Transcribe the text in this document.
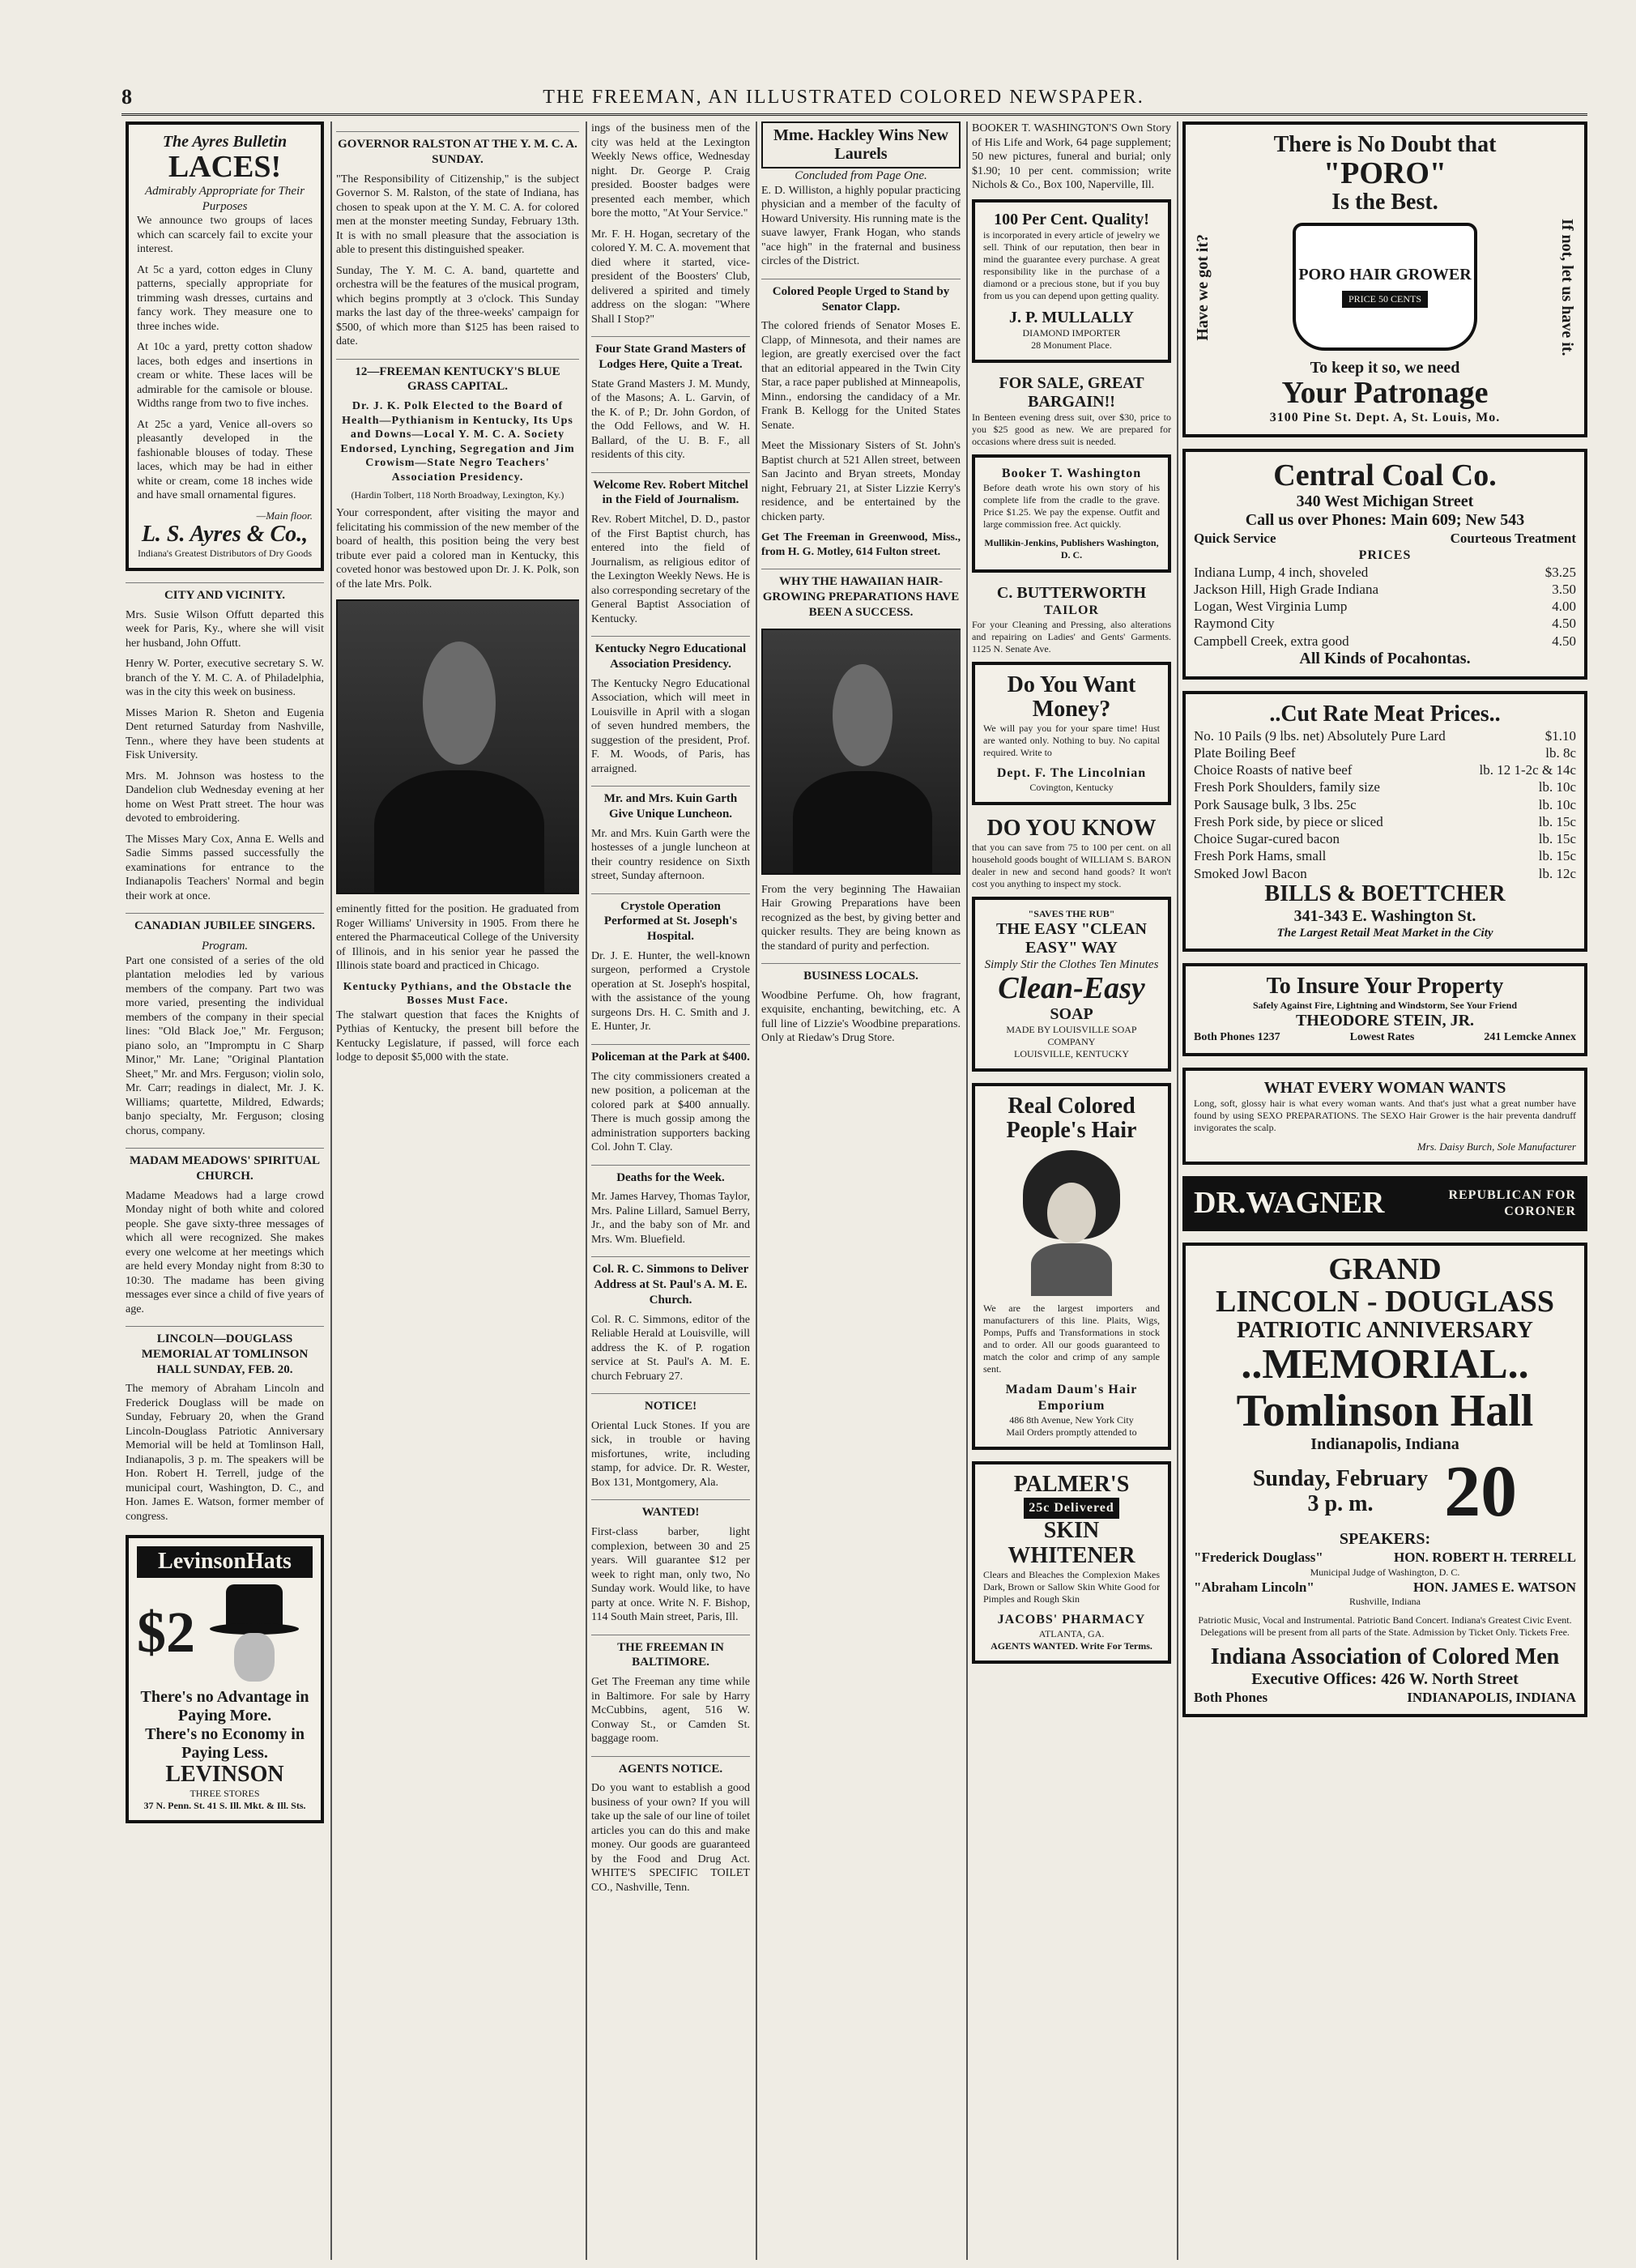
8	THE FREEMAN, AN ILLUSTRATED COLORED NEWSPAPER.
The Ayres Bulletin
LACES!
Admirably Appropriate for Their Purposes

We announce two groups of laces which can scarcely fail to excite your interest.

At 5c a yard, cotton edges in Cluny patterns, specially appropriate for trimming wash dresses, curtains and fancy work. They measure one to three inches wide.

At 10c a yard, pretty cotton shadow laces, both edges and insertions in cream or white. These laces will be admirable for the camisole or blouse. Widths range from two to five inches.

At 25c a yard, Venice all-overs so pleasantly developed in the fashionable blouses of today. These laces, which may be had in either white or cream, come 18 inches wide and have small ornamental figures.

—Main floor.
L. S. Ayres & Co.,
Indiana's Greatest Distributors of Dry Goods
CITY AND VICINITY.

Mrs. Susie Wilson Offutt departed this week for Paris, Ky., where she will visit her husband, John Offutt.

Henry W. Porter, executive secretary S. W. branch of the Y. M. C. A. of Philadelphia, was in the city this week on business.

Misses Marion R. Sheton and Eugenia Dent returned Saturday from Nashville, Tenn., where they have been students at Fisk University.

Mrs. M. Johnson was hostess to the Dandelion club Wednesday evening at her home on West Pratt street. The hour was devoted to embroidering.

The Misses Mary Cox, Anna E. Wells and Sadie Simms passed successfully the examinations for entrance to the Indianapolis Teachers' Normal and begin their work at once.

CANADIAN JUBILEE SINGERS.
Program.

Part one consisted of a series of the old plantation melodies led by various members of the company. Part two was more varied, presenting the individual members of the company in their special lines: "Old Black Joe," Mr. Ferguson; piano solo, an "Impromptu in C Sharp Minor," Mr. Lane; "Original Plantation Sheet," Mr. and Mrs. Ferguson; violin solo, Mr. Carr; readings in dialect, Mr. J. K. Williams; quartette, Mildred, Edwards; banjo specialty, Mr. Ferguson; closing chorus, company.

MADAM MEADOWS' SPIRITUAL CHURCH.

Madame Meadows had a large crowd Monday night of both white and colored people. She gave sixty-three messages of which all were recognized. She makes every one welcome at her meetings which are held every Monday night from 8:30 to 10:30. The madame has been giving messages ever since a child of five years of age.

LINCOLN—DOUGLASS MEMORIAL AT TOMLINSON HALL SUNDAY, FEB. 20.

The memory of Abraham Lincoln and Frederick Douglass will be made on Sunday, February 20, when the Grand Lincoln-Douglass Patriotic Anniversary Memorial will be held at Tomlinson Hall, Indianapolis, 3 p. m. The speakers will be Hon. Robert H. Terrell, judge of the municipal court, Washington, D. C., and Hon. James E. Watson, former member of congress.

LevinsonHats
$2
There's no Advantage in Paying More.
There's no Economy in Paying Less.
LEVINSON
THREE STORES
37 N. Penn. St. 41 S. Ill. Mkt. & Ill. Sts.
GOVERNOR RALSTON AT THE Y. M. C. A. SUNDAY.

"The Responsibility of Citizenship," is the subject Governor S. M. Ralston, of the state of Indiana, has chosen to speak upon at the Y. M. C. A. for colored men at the monster meeting Sunday, February 13th. It is with no small pleasure that the association is able to present this distinguished speaker.

Sunday, The Y. M. C. A. band, quartette and orchestra will be the features of the musical program, which begins promptly at 3 o'clock. This Sunday marks the last day of the three-weeks' campaign for $500, of which more than $125 has been raised to date.

12—FREEMAN KENTUCKY'S BLUE GRASS CAPITAL.
Dr. J. K. Polk Elected to the Board of Health—Pythianism in Kentucky, Its Ups and Downs—Local Y. M. C. A. Society Endorsed, Lynching, Segregation and Jim Crowism—State Negro Teachers' Association Presidency.
(Hardin Tolbert, 118 North Broadway, Lexington, Ky.)

Your correspondent, after visiting the mayor and felicitating his commission of the new member of the board of health, this position being the very best tribute ever paid a colored man in Kentucky, this coveted honor was bestowed upon Dr. J. K. Polk, son of the late Mrs. Polk.

eminently fitted for the position. He graduated from Roger Williams' University in 1905. From there he entered the Pharmaceutical College of the University of Illinois, and in his senior year he passed the Illinois state board and practiced in Chicago.

Kentucky Pythians, and the Obstacle the Bosses Must Face.

The stalwart question that faces the Knights of Pythias of Kentucky, the present bill before the Kentucky Legislature, if passed, will force each lodge to deposit $5,000 with the state.

ings of the business men of the city was held at the Lexington Weekly News office, Wednesday night. Dr. George P. Craig presided. Booster badges were presented each member, which bore the motto, "At Your Service."

Mr. F. H. Hogan, secretary of the colored Y. M. C. A. movement that died where it started, vice-president of the Boosters' Club, delivered a spirited and timely address on the slogan: "Where Shall I Stop?"

Four State Grand Masters of Lodges Here, Quite a Treat.

State Grand Masters J. M. Mundy, of the Masons; A. L. Garvin, of the K. of P.; Dr. John Gordon, of the Odd Fellows, and W. H. Ballard, of the U. B. F., all residents of this city.

Welcome Rev. Robert Mitchel in the Field of Journalism.

Rev. Robert Mitchel, D. D., pastor of the First Baptist church, has entered into the field of Journalism, as religious editor of the Lexington Weekly News. He is also corresponding secretary of the General Baptist Association of Kentucky.

Kentucky Negro Educational Association Presidency.

The Kentucky Negro Educational Association, which will meet in Louisville in April with a slogan of seven hundred members, the suggestion of the president, Prof. F. M. Woods, of Paris, has arraigned.

Mr. and Mrs. Kuin Garth Give Unique Luncheon.

Mr. and Mrs. Kuin Garth were the hostesses of a jungle luncheon at their country residence on Sixth street, Sunday afternoon.

Crystole Operation Performed at St. Joseph's Hospital.

Dr. J. E. Hunter, the well-known surgeon, performed a Crystole operation at St. Joseph's hospital, with the assistance of the young surgeons Drs. H. C. Smith and J. E. Hunter, Jr.

Policeman at the Park at $400.

The city commissioners created a new position, a policeman at the colored park at $400 annually. There is much gossip among the administration supporters backing Col. John T. Clay.

Deaths for the Week.

Mr. James Harvey, Thomas Taylor, Mrs. Paline Lillard, Samuel Berry, Jr., and the baby son of Mr. and Mrs. Wm. Bluefield.

Col. R. C. Simmons to Deliver Address at St. Paul's A. M. E. Church.

Col. R. C. Simmons, editor of the Reliable Herald at Louisville, will address the K. of P. rogation service at St. Paul's A. M. E. church February 27.

NOTICE!

Oriental Luck Stones. If you are sick, in trouble or having misfortunes, write, including stamp, for advice. Dr. R. Wester, Box 131, Montgomery, Ala.

WANTED!

First-class barber, light complexion, between 30 and 25 years. Will guarantee $12 per week to right man, only two, No Sunday work. Would like, to have party at once. Write N. F. Bishop, 114 South Main street, Paris, Ill.

THE FREEMAN IN BALTIMORE.

Get The Freeman any time while in Baltimore. For sale by Harry McCubbins, agent, 516 W. Conway St., or Camden St. baggage room.

AGENTS NOTICE.

Do you want to establish a good business of your own? If you will take up the sale of our line of toilet articles you can do this and make money. Our goods are guaranteed by the Food and Drug Act. WHITE'S SPECIFIC TOILET CO., Nashville, Tenn.

Mme. Hackley Wins New Laurels
Concluded from Page One.

E. D. Williston, a highly popular practicing physician and a member of the faculty of Howard University. His running mate is the suave lawyer, Frank Hogan, who stands "ace high" in the fraternal and business circles of the District.

Colored People Urged to Stand by Senator Clapp.

The colored friends of Senator Moses E. Clapp, of Minnesota, and their names are legion, are greatly exercised over the fact that an editorial appeared in the Twin City Star, a race paper published at Minneapolis, Minn., endorsing the candidacy of a Mr. Frank B. Kellogg for the United States Senate.

Meet the Missionary Sisters of St. John's Baptist church at 521 Allen street, between San Jacinto and Bryan streets, Monday night, February 21, at Sister Lizzie Kerry's residence, and be entertained by the chicken party.

Get The Freeman in Greenwood, Miss., from H. G. Motley, 614 Fulton street.

WHY THE HAWAIIAN HAIR-GROWING PREPARATIONS HAVE BEEN A SUCCESS.

From the very beginning The Hawaiian Hair Growing Preparations have been recognized as the best, by giving better and quicker results. They are being known as the standard of purity and perfection.

BUSINESS LOCALS.

Woodbine Perfume. Oh, how fragrant, exquisite, enchanting, bewitching, etc. A full line of Lizzie's Woodbine preparations. Only at Riedaw's Drug Store.

BOOKER T. WASHINGTON'S Own Story of His Life and Work, 64 page supplement; 50 new pictures, funeral and burial; only $1.90; 10 per cent. commission; write Nichols & Co., Box 100, Naperville, Ill.

100 Per Cent. Quality!

is incorporated in every article of jewelry we sell. Think of our reputation, then bear in mind the guarantee every purchase. A great responsibility like in the purchase of a diamond or a precious stone, but if you buy from us you can depend upon getting quality.

J. P. MULLALLY
DIAMOND IMPORTER
28 Monument Place.
FOR SALE, GREAT BARGAIN!!

In Benteen evening dress suit, over $30, price to you $25 good as new. We are prepared for occasions where dress suit is needed.

Booker T. Washington

Before death wrote his own story of his complete life from the cradle to the grave. Price $1.25. We pay the expense. Outfit and large commission free. Act quickly.

Mullikin-Jenkins, Publishers Washington, D. C.
C. BUTTERWORTH
TAILOR

For your Cleaning and Pressing, also alterations and repairing on Ladies' and Gents' Garments. 1125 N. Senate Ave.

Do You Want Money?

We will pay you for your spare time! Hust are wanted only. Nothing to buy. No capital required. Write to

Dept. F. The Lincolnian
Covington, Kentucky
DO YOU KNOW

that you can save from 75 to 100 per cent. on all household goods bought of WILLIAM S. BARON dealer in new and second hand goods? It won't cost you anything to inspect my stock.

"SAVES THE RUB"
THE EASY "CLEAN EASY" WAY
Simply Stir the Clothes Ten Minutes
Clean-Easy
SOAP
MADE BY LOUISVILLE SOAP COMPANY
LOUISVILLE, KENTUCKY
Real Colored People's Hair

We are the largest importers and manufacturers of this line. Plaits, Wigs, Pomps, Puffs and Transformations in stock and to order. All our goods guaranteed to match the color and crimp of any sample sent.

Madam Daum's Hair Emporium
486 8th Avenue, New York City
Mail Orders promptly attended to
PALMER'S
25c Delivered
SKIN WHITENER

Clears and Bleaches the Complexion Makes Dark, Brown or Sallow Skin White Good for Pimples and Rough Skin

JACOBS' PHARMACY
ATLANTA, GA.
AGENTS WANTED. Write For Terms.
There is No Doubt that
"PORO"
Is the Best.
Have we got it?	PORO HAIR GROWER
PRICE 50 CENTS	If not, let us have it.
To keep it so, we need
Your Patronage
3100 Pine St. Dept. A, St. Louis, Mo.
Central Coal Co.
340 West Michigan Street
Call us over Phones: Main 609; New 543
Quick Service	Courteous Treatment
PRICES
Indiana Lump, 4 inch, shoveled	$3.25
Jackson Hill, High Grade Indiana	3.50
Logan, West Virginia Lump	4.00
Raymond City	4.50
Campbell Creek, extra good	4.50
All Kinds of Pocahontas.
..Cut Rate Meat Prices..
No. 10 Pails (9 lbs. net) Absolutely Pure Lard	$1.10
Plate Boiling Beef	lb. 8c
Choice Roasts of native beef	lb. 12 1-2c & 14c
Fresh Pork Shoulders, family size	lb. 10c
Pork Sausage bulk, 3 lbs. 25c	lb. 10c
Fresh Pork side, by piece or sliced	lb. 15c
Choice Sugar-cured bacon	lb. 15c
Fresh Pork Hams, small	lb. 15c
Smoked Jowl Bacon	lb. 12c
BILLS & BOETTCHER
341-343 E. Washington St.
The Largest Retail Meat Market in the City
To Insure Your Property
Safely Against Fire, Lightning and Windstorm, See Your Friend
THEODORE STEIN, JR.
Both Phones 1237	Lowest Rates	241 Lemcke Annex
WHAT EVERY WOMAN WANTS

Long, soft, glossy hair is what every woman wants. And that's just what a great number have found by using SEXO PREPARATIONS. The SEXO Hair Grower is the hair preventa dandruff invigorates the scalp.

Mrs. Daisy Burch, Sole Manufacturer
DR.WAGNER	REPUBLICAN FOR CORONER
GRAND
LINCOLN - DOUGLASS
PATRIOTIC ANNIVERSARY
..MEMORIAL..
Tomlinson Hall
Indianapolis, Indiana
Sunday, February
3 p. m. 20
SPEAKERS:
"Frederick Douglass"	HON. ROBERT H. TERRELL
Municipal Judge of Washington, D. C.
"Abraham Lincoln"	HON. JAMES E. WATSON
Rushville, Indiana

Patriotic Music, Vocal and Instrumental. Patriotic Band Concert. Indiana's Greatest Civic Event. Delegations will be present from all parts of the State. Admission by Ticket Only. Tickets Free.

Indiana Association of Colored Men
Executive Offices: 426 W. North Street
Both Phones	INDIANAPOLIS, INDIANA
